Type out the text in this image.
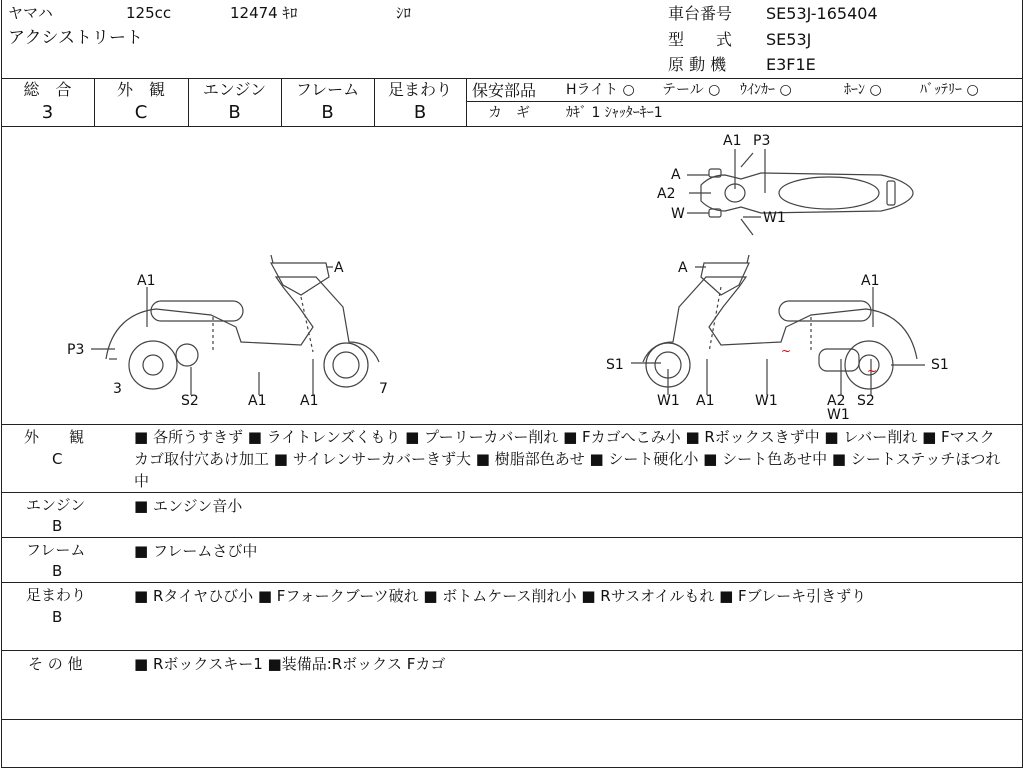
ヤマハ	125cc	12474 ｷﾛ	ｼﾛ
アクシストリート
車台番号 SE53J-165404
型　　式 SE53J
原 動 機 E3F1E
総　合
3
外　観
C
エンジン
B
フレーム
B
足まわり
B
保安部品 Hライト ○ テール ○ ｳｲﾝｶｰ ○	ﾎｰﾝ ○	ﾊﾞｯﾃﾘｰ ○
カ　ギ	ｶｷﾞ 1 ｼｬｯﾀｰｷｰ1
~
~
A1
A
P3
3
S2	A1 A1
7
A
A1
S1
W1 A1	W1	A2
W1
S2
S1
A1 P3
A
A2
W	W1
外　　観
C
■ 各所うすきず ■ ライトレンズくもり ■ プーリーカバー削れ ■ Fカゴへこみ小 ■ Rボックスきず中 ■ レバー削れ ■ Fマスクカゴ取付穴あけ加工 ■ サイレンサーカバーきず大 ■ 樹脂部色あせ ■ シート硬化小 ■ シート色あせ中 ■ シートステッチほつれ中
エンジン
B
■ エンジン音小
フレーム
B
■ フレームさび中
足まわり
B
■ Rタイヤひび小 ■ Fフォークブーツ破れ ■ ボトムケース削れ小 ■ Rサスオイルもれ ■ Fブレーキ引きずり
そ の 他	■ Rボックスキー1 ■装備品:Rボックス Fカゴ
